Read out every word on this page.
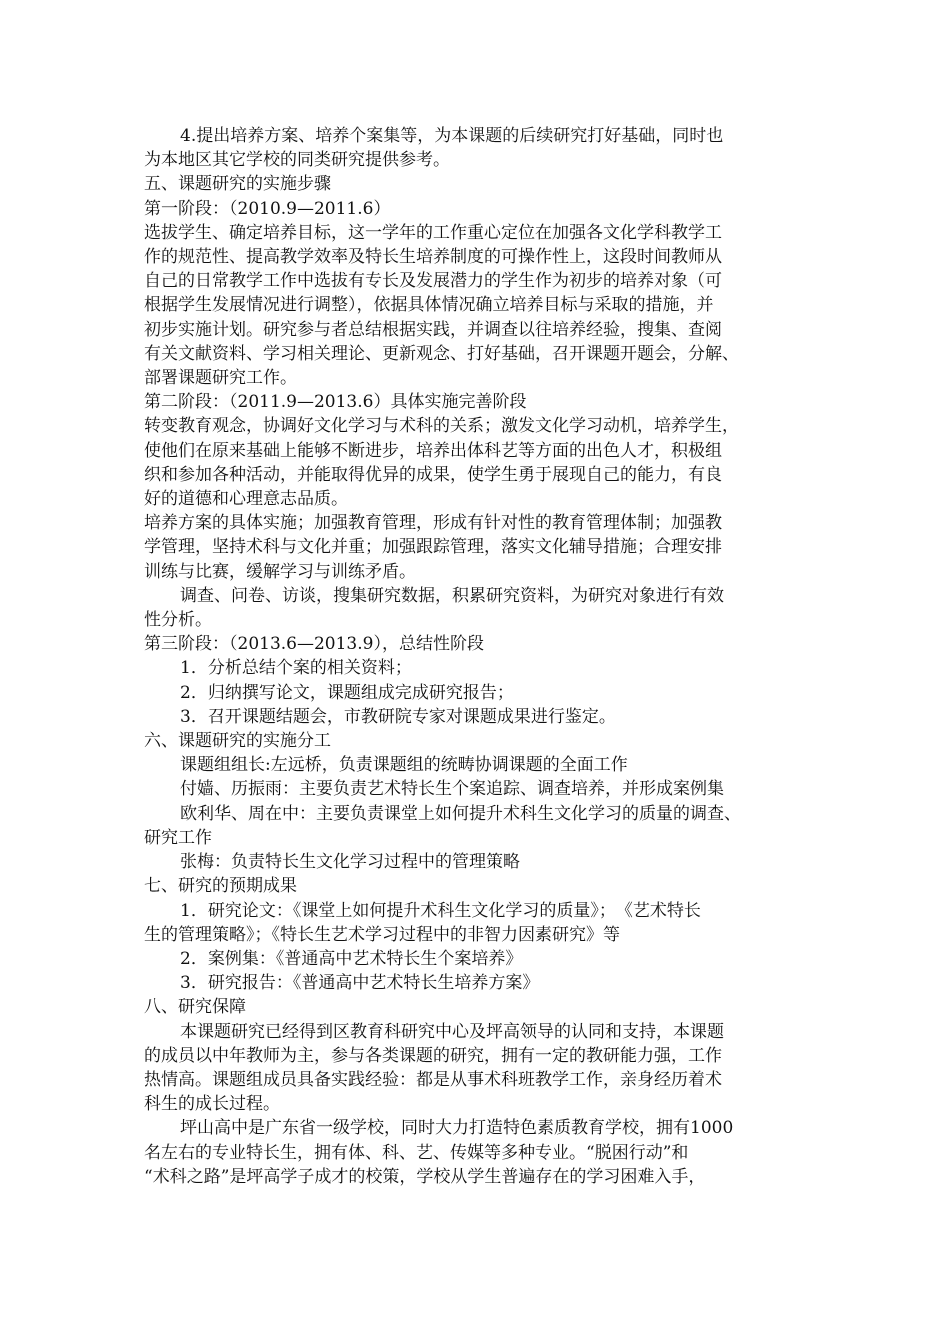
4.提出培养方案、培养个案集等，为本课题的后续研究打好基础，同时也

为本地区其它学校的同类研究提供参考。

五、课题研究的实施步骤

第一阶段：（2010.9—2011.6）

选拔学生、确定培养目标，这一学年的工作重心定位在加强各文化学科教学工

作的规范性、提高教学效率及特长生培养制度的可操作性上，这段时间教师从

自己的日常教学工作中选拔有专长及发展潜力的学生作为初步的培养对象（可

根据学生发展情况进行调整），依据具体情况确立培养目标与采取的措施，并

初步实施计划。研究参与者总结根据实践，并调查以往培养经验，搜集、查阅

有关文献资料、学习相关理论、更新观念、打好基础，召开课题开题会，分解、

部署课题研究工作。

第二阶段：（2011.9—2013.6）具体实施完善阶段

转变教育观念，协调好文化学习与术科的关系；激发文化学习动机，培养学生，

使他们在原来基础上能够不断进步，培养出体科艺等方面的出色人才，积极组

织和参加各种活动，并能取得优异的成果，使学生勇于展现自己的能力，有良

好的道德和心理意志品质。

培养方案的具体实施；加强教育管理，形成有针对性的教育管理体制；加强教

学管理，坚持术科与文化并重；加强跟踪管理，落实文化辅导措施；合理安排

训练与比赛，缓解学习与训练矛盾。

调查、问卷、访谈，搜集研究数据，积累研究资料，为研究对象进行有效

性分析。

第三阶段：（2013.6—2013.9），总结性阶段

1．分析总结个案的相关资料；

2．归纳撰写论文，课题组成完成研究报告；

3．召开课题结题会，市教研院专家对课题成果进行鉴定。

六、课题研究的实施分工

课题组组长:左远桥，负责课题组的统畴协调课题的全面工作

付嫱、历振雨：主要负责艺术特长生个案追踪、调查培养，并形成案例集

欧利华、周在中：主要负责课堂上如何提升术科生文化学习的质量的调查、

研究工作

张梅：负责特长生文化学习过程中的管理策略

七、研究的预期成果

1．研究论文：《课堂上如何提升术科生文化学习的质量》；　《艺术特长

生的管理策略》；《特长生艺术学习过程中的非智力因素研究》等

2．案例集：《普通高中艺术特长生个案培养》

3．研究报告：《普通高中艺术特长生培养方案》

八、研究保障

本课题研究已经得到区教育科研究中心及坪高领导的认同和支持，本课题

的成员以中年教师为主，参与各类课题的研究，拥有一定的教研能力强，工作

热情高。课题组成员具备实践经验：都是从事术科班教学工作，亲身经历着术

科生的成长过程。

坪山高中是广东省一级学校，同时大力打造特色素质教育学校，拥有1000

名左右的专业特长生，拥有体、科、艺、传媒等多种专业。“脱困行动”和

“术科之路”是坪高学子成才的校策，学校从学生普遍存在的学习困难入手，
